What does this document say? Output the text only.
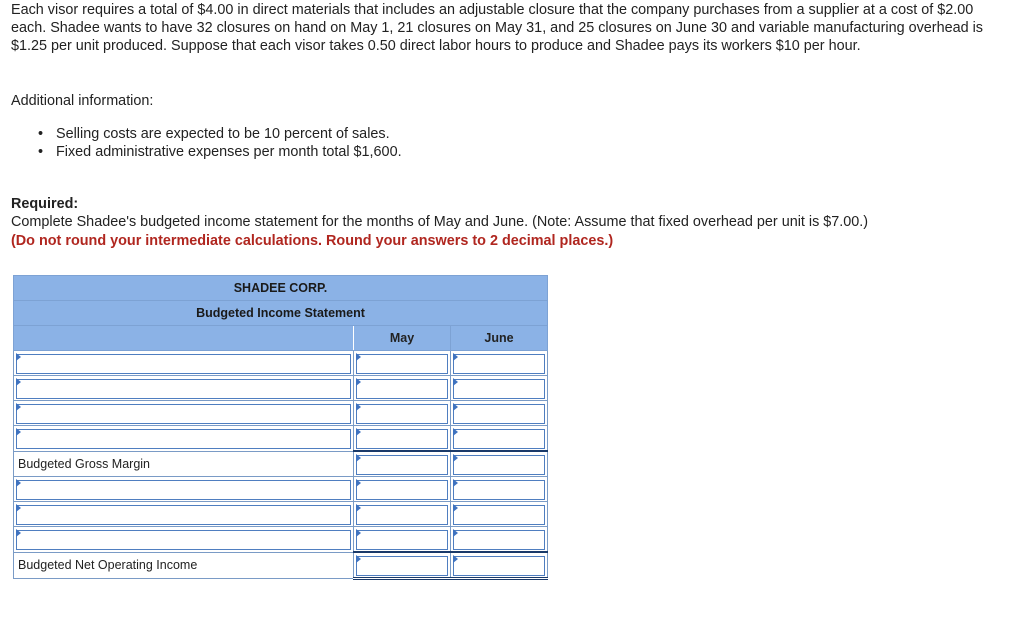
Each visor requires a total of $4.00 in direct materials that includes an adjustable closure that the company purchases from a supplier at a cost of $2.00 each. Shadee wants to have 32 closures on hand on May 1, 21 closures on May 31, and 25 closures on June 30 and variable manufacturing overhead is $1.25 per unit produced. Suppose that each visor takes 0.50 direct labor hours to produce and Shadee pays its workers $10 per hour.

Additional information:
• Selling costs are expected to be 10 percent of sales.
• Fixed administrative expenses per month total $1,600.
Required:
Complete Shadee's budgeted income statement for the months of May and June. (Note: Assume that fixed overhead per unit is $7.00.)
(Do not round your intermediate calculations. Round your answers to 2 decimal places.)
SHADEE CORP.		
Budgeted Income Statement		
	May	June

Budgeted Gross Margin	

Budgeted Net Operating Income	
